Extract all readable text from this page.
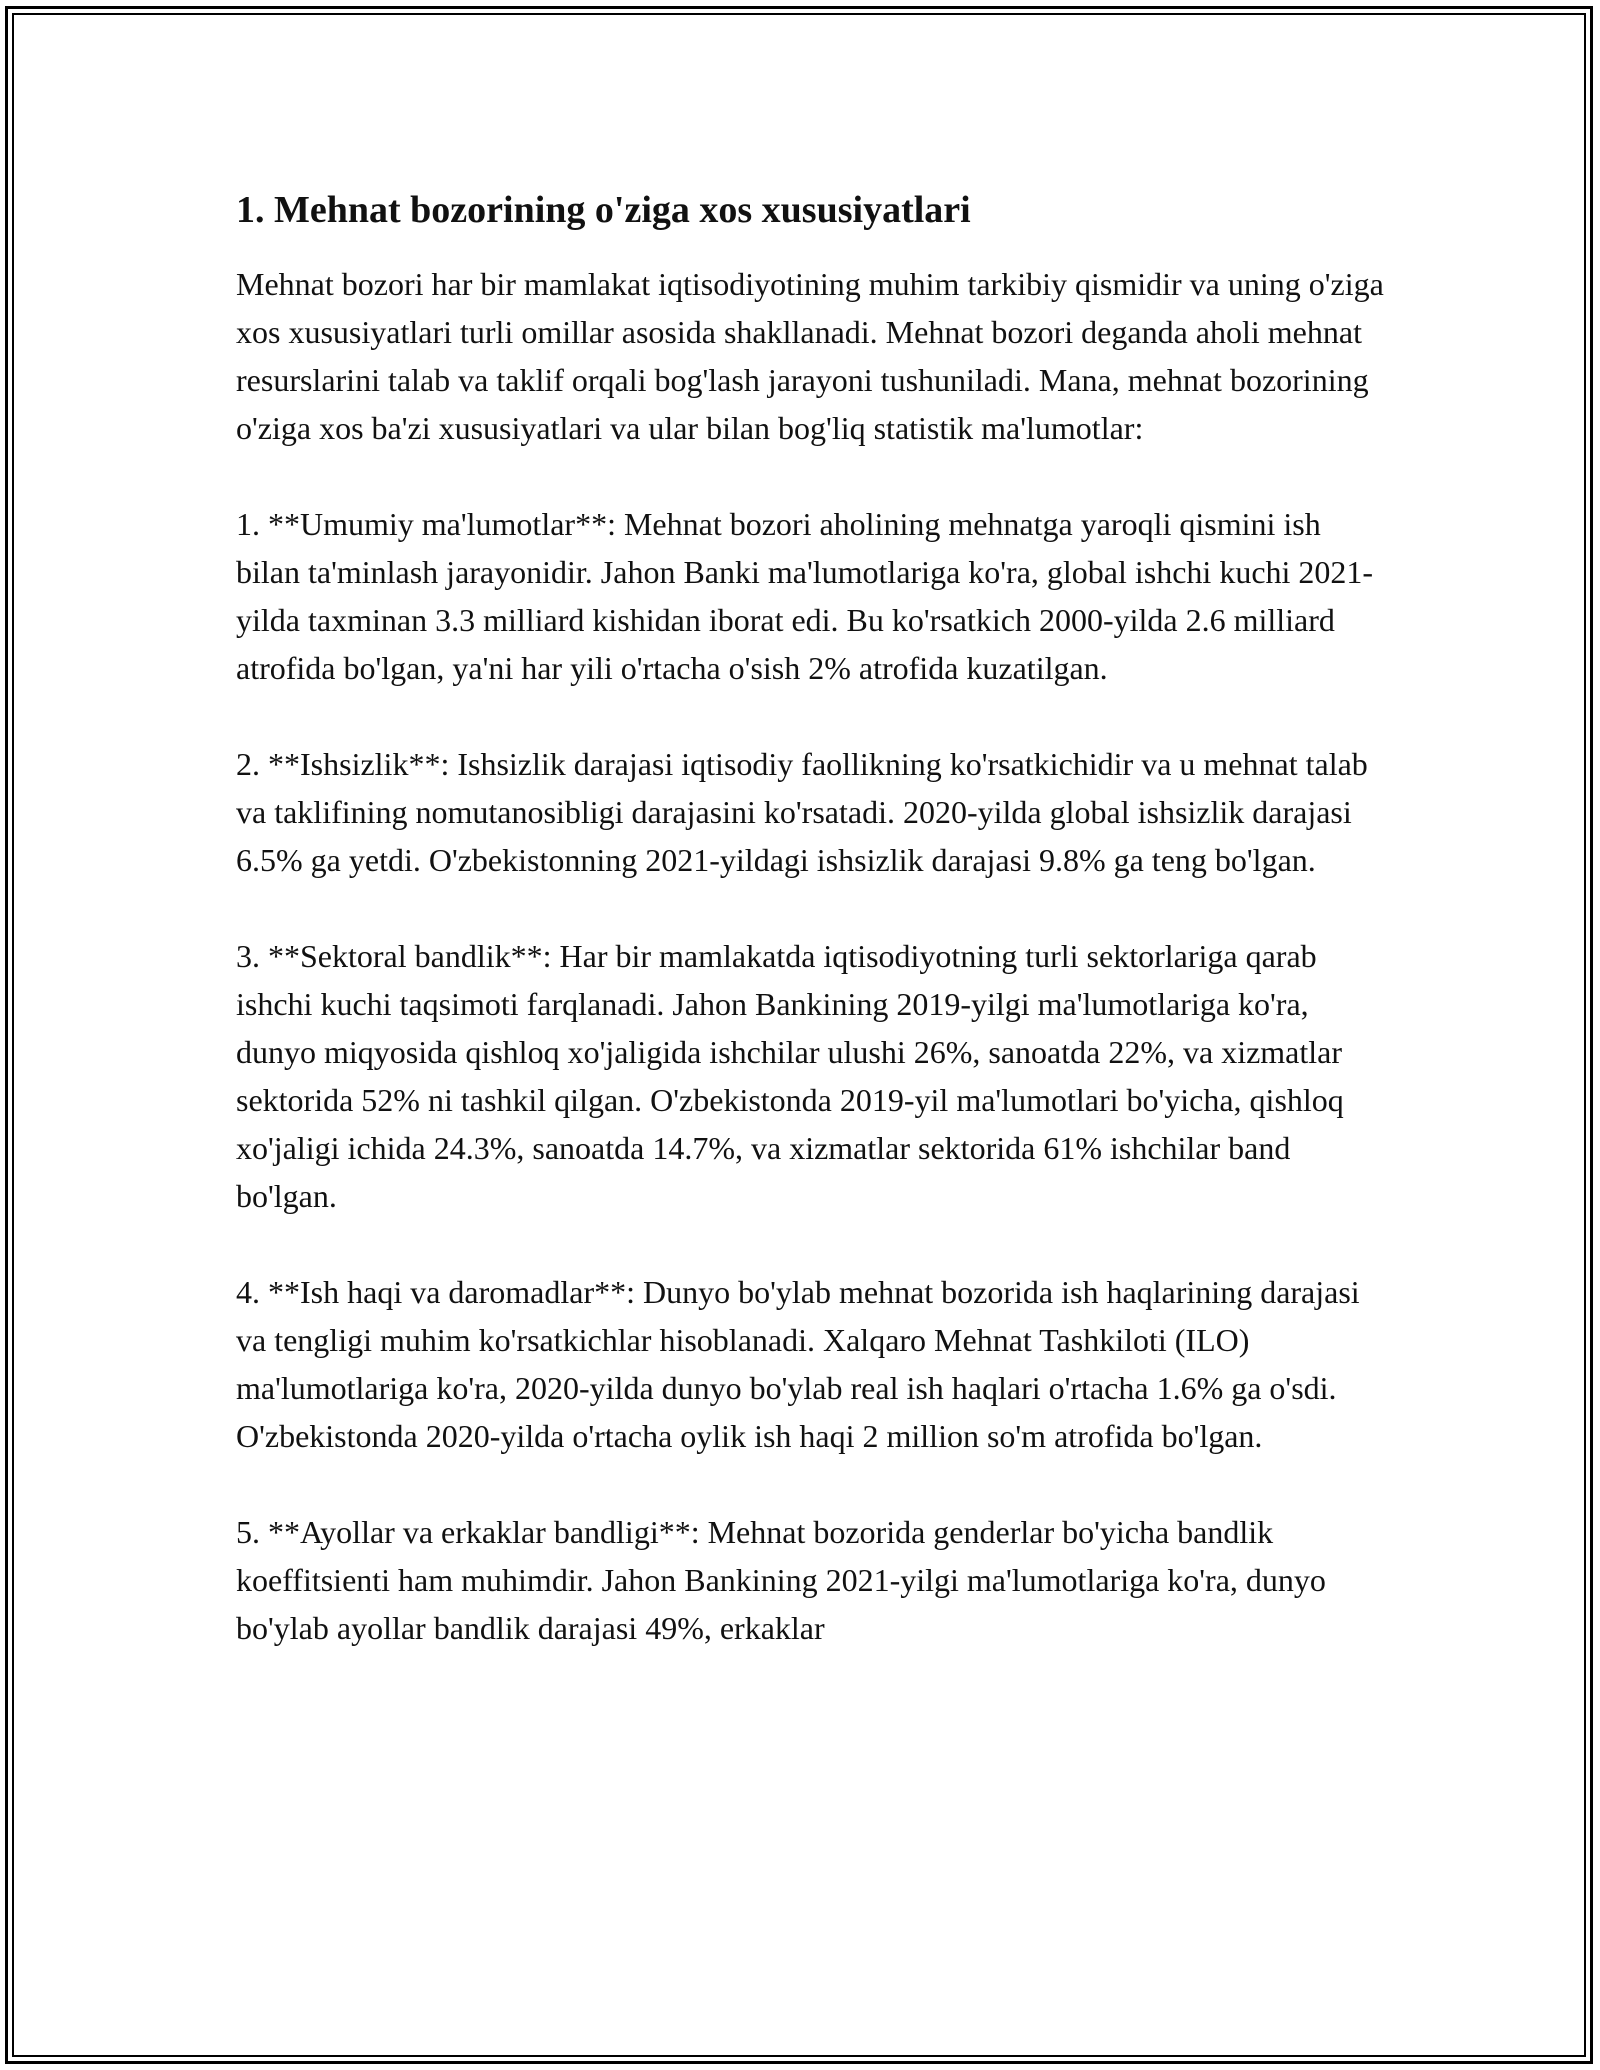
1. Mehnat bozorining o'ziga xos xususiyatlari

Mehnat bozori har bir mamlakat iqtisodiyotining muhim tarkibiy qismidir va uning o'ziga xos xususiyatlari turli omillar asosida shakllanadi. Mehnat bozori deganda aholi mehnat resurslarini talab va taklif orqali bog'lash jarayoni tushuniladi. Mana, mehnat bozorining o'ziga xos ba'zi xususiyatlari va ular bilan bog'liq statistik ma'lumotlar:

1. **Umumiy ma'lumotlar**: Mehnat bozori aholining mehnatga yaroqli qismini ish bilan ta'minlash jarayonidir. Jahon Banki ma'lumotlariga ko'ra, global ishchi kuchi 2021-yilda taxminan 3.3 milliard kishidan iborat edi. Bu ko'rsatkich 2000-yilda 2.6 milliard atrofida bo'lgan, ya'ni har yili o'rtacha o'sish 2% atrofida kuzatilgan.

2. **Ishsizlik**: Ishsizlik darajasi iqtisodiy faollikning ko'rsatkichidir va u mehnat talab va taklifining nomutanosibligi darajasini ko'rsatadi. 2020-yilda global ishsizlik darajasi 6.5% ga yetdi. O'zbekistonning 2021-yildagi ishsizlik darajasi 9.8% ga teng bo'lgan.

3. **Sektoral bandlik**: Har bir mamlakatda iqtisodiyotning turli sektorlariga qarab ishchi kuchi taqsimoti farqlanadi. Jahon Bankining 2019-yilgi ma'lumotlariga ko'ra, dunyo miqyosida qishloq xo'jaligida ishchilar ulushi 26%, sanoatda 22%, va xizmatlar sektorida 52% ni tashkil qilgan. O'zbekistonda 2019-yil ma'lumotlari bo'yicha, qishloq xo'jaligi ichida 24.3%, sanoatda 14.7%, va xizmatlar sektorida 61% ishchilar band bo'lgan.

4. **Ish haqi va daromadlar**: Dunyo bo'ylab mehnat bozorida ish haqlarining darajasi va tengligi muhim ko'rsatkichlar hisoblanadi. Xalqaro Mehnat Tashkiloti (ILO) ma'lumotlariga ko'ra, 2020-yilda dunyo bo'ylab real ish haqlari o'rtacha 1.6% ga o'sdi. O'zbekistonda 2020-yilda o'rtacha oylik ish haqi 2 million so'm atrofida bo'lgan.

5. **Ayollar va erkaklar bandligi**: Mehnat bozorida genderlar bo'yicha bandlik koeffitsienti ham muhimdir. Jahon Bankining 2021-yilgi ma'lumotlariga ko'ra, dunyo bo'ylab ayollar bandlik darajasi 49%, erkaklar
